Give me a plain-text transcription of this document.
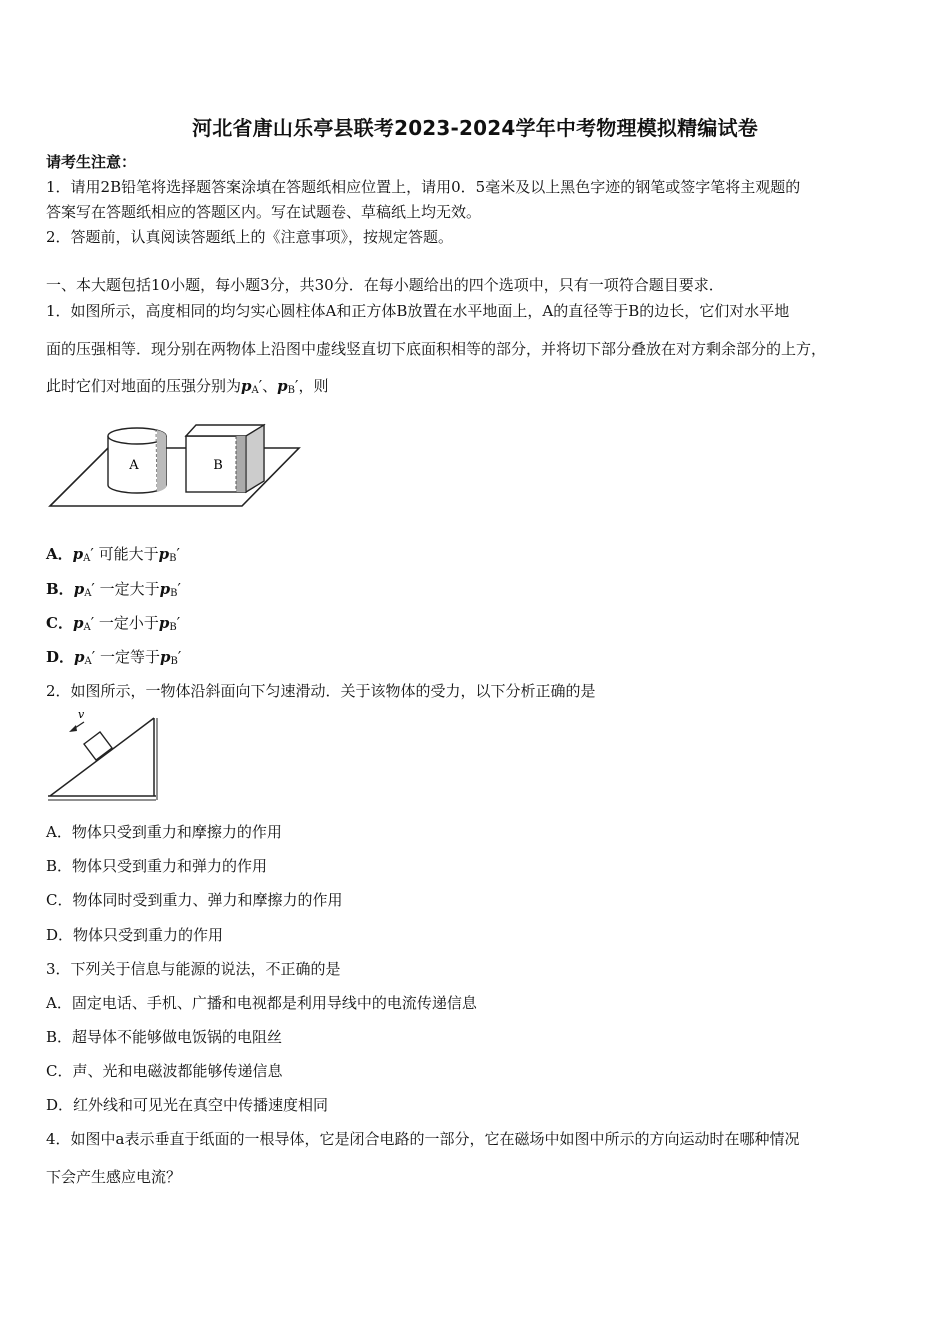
河北省唐山乐亭县联考2023-2024学年中考物理模拟精编试卷
请考生注意：
1．请用2B铅笔将选择题答案涂填在答题纸相应位置上，请用0．5毫米及以上黑色字迹的钢笔或签字笔将主观题的
答案写在答题纸相应的答题区内。写在试题卷、草稿纸上均无效。
2．答题前，认真阅读答题纸上的《注意事项》，按规定答题。
一、本大题包括10小题，每小题3分，共30分．在每小题给出的四个选项中，只有一项符合题目要求．
1．如图所示，高度相同的均匀实心圆柱体A和正方体B放置在水平地面上，A的直径等于B的边长，它们对水平地
面的压强相等．现分别在两物体上沿图中虚线竖直切下底面积相等的部分，并将切下部分叠放在对方剩余部分的上方，
此时它们对地面的压强分别为$p_A'$、$p_B'$，则
A	B
A．$p_A'$ 可能大于$p_B'$
B．$p_A'$ 一定大于$p_B'$
C．$p_A'$ 一定小于$p_B'$
D．$p_A'$ 一定等于$p_B'$
2．如图所示，一物体沿斜面向下匀速滑动．关于该物体的受力，以下分析正确的是
v
A．物体只受到重力和摩擦力的作用
B．物体只受到重力和弹力的作用
C．物体同时受到重力、弹力和摩擦力的作用
D．物体只受到重力的作用
3．下列关于信息与能源的说法，不正确的是
A．固定电话、手机、广播和电视都是利用导线中的电流传递信息
B．超导体不能够做电饭锅的电阻丝
C．声、光和电磁波都能够传递信息
D．红外线和可见光在真空中传播速度相同
4．如图中a表示垂直于纸面的一根导体，它是闭合电路的一部分，它在磁场中如图中所示的方向运动时在哪种情况
下会产生感应电流？
